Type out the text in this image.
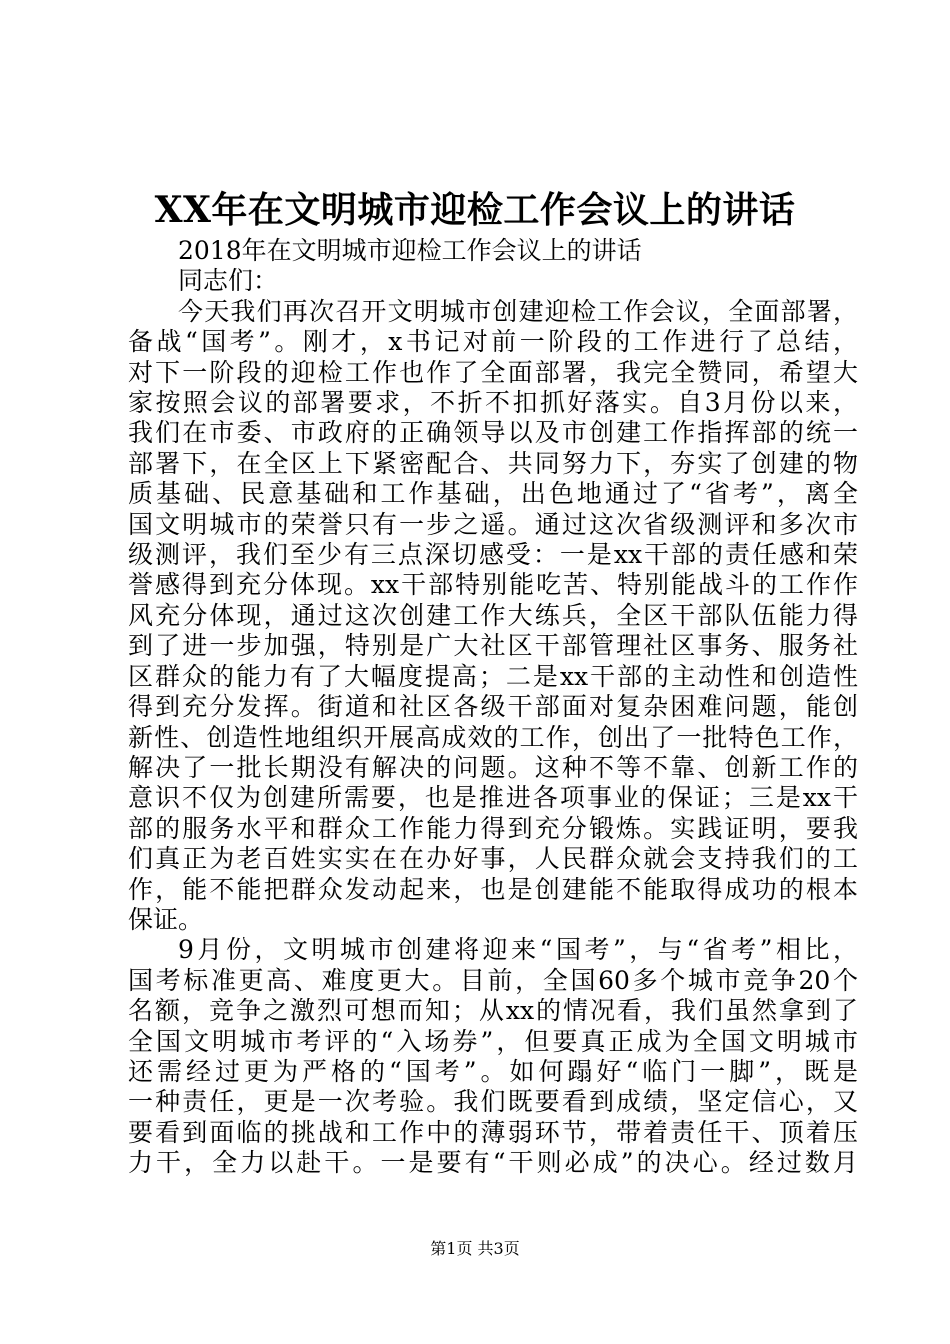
XX年在文明城市迎检工作会议上的讲话
2018年在文明城市迎检工作会议上的讲话
同志们：
今天我们再次召开文明城市创建迎检工作会议，全面部署，
备战“国考”。刚才，x书记对前一阶段的工作进行了总结，
对下一阶段的迎检工作也作了全面部署，我完全赞同，希望大
家按照会议的部署要求，不折不扣抓好落实。自3月份以来，
我们在市委、市政府的正确领导以及市创建工作指挥部的统一
部署下，在全区上下紧密配合、共同努力下，夯实了创建的物
质基础、民意基础和工作基础，出色地通过了“省考”，离全
国文明城市的荣誉只有一步之遥。通过这次省级测评和多次市
级测评，我们至少有三点深切感受：一是xx干部的责任感和荣
誉感得到充分体现。xx干部特别能吃苦、特别能战斗的工作作
风充分体现，通过这次创建工作大练兵，全区干部队伍能力得
到了进一步加强，特别是广大社区干部管理社区事务、服务社
区群众的能力有了大幅度提高；二是xx干部的主动性和创造性
得到充分发挥。街道和社区各级干部面对复杂困难问题，能创
新性、创造性地组织开展高成效的工作，创出了一批特色工作，
解决了一批长期没有解决的问题。这种不等不靠、创新工作的
意识不仅为创建所需要，也是推进各项事业的保证；三是xx干
部的服务水平和群众工作能力得到充分锻炼。实践证明，要我
们真正为老百姓实实在在办好事，人民群众就会支持我们的工
作，能不能把群众发动起来，也是创建能不能取得成功的根本
保证。
9月份，文明城市创建将迎来“国考”，与“省考”相比，
国考标准更高、难度更大。目前，全国60多个城市竞争20个
名额，竞争之激烈可想而知；从xx的情况看，我们虽然拿到了
全国文明城市考评的“入场券”，但要真正成为全国文明城市
还需经过更为严格的“国考”。如何蹋好“临门一脚”，既是
一种责任，更是一次考验。我们既要看到成绩，坚定信心，又
要看到面临的挑战和工作中的薄弱环节，带着责任干、顶着压
力干，全力以赴干。一是要有“干则必成”的决心。经过数月
第1页 共3页
